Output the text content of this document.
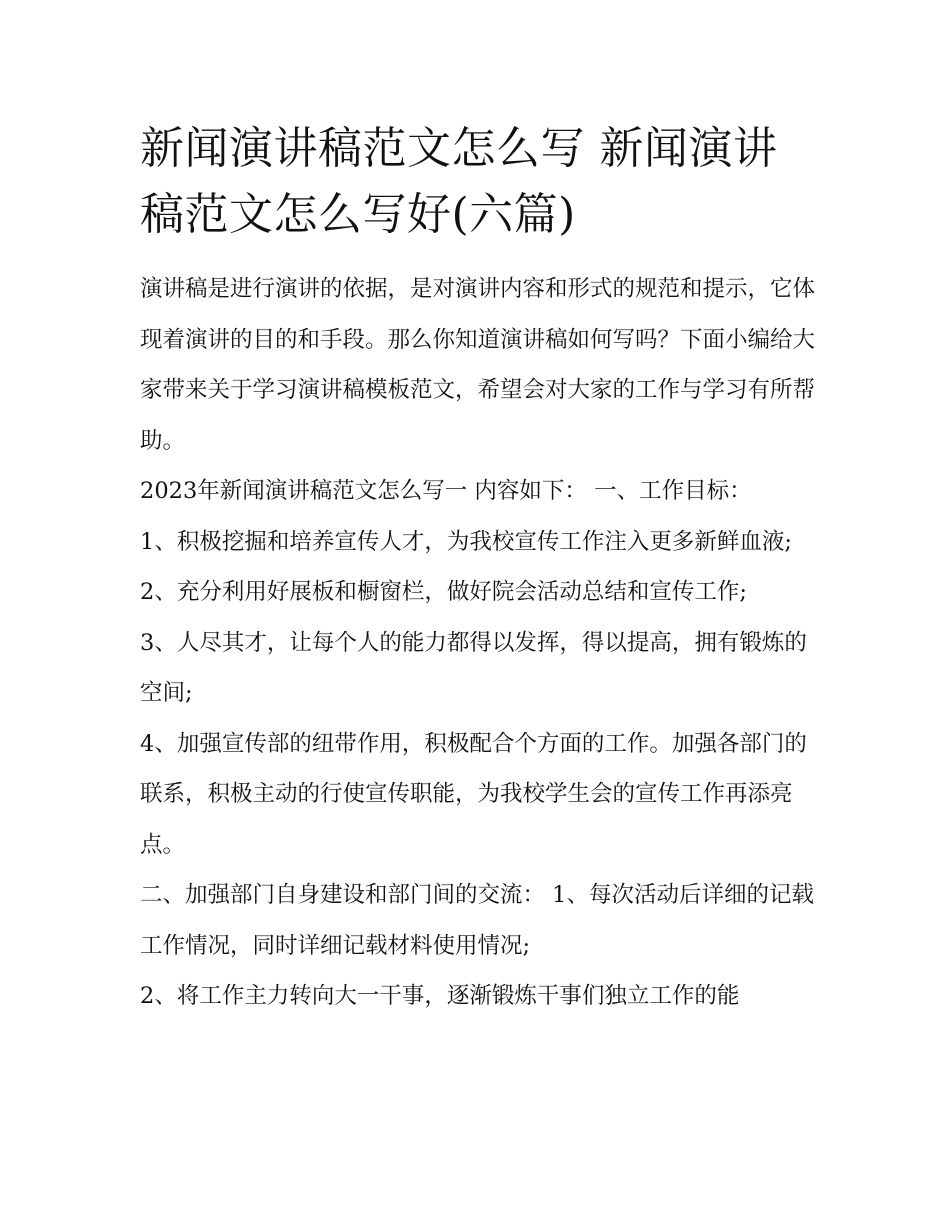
新闻演讲稿范文怎么写 新闻演讲稿范文怎么写好(六篇)

演讲稿是进行演讲的依据，是对演讲内容和形式的规范和提示，它体现着演讲的目的和手段。那么你知道演讲稿如何写吗？下面小编给大家带来关于学习演讲稿模板范文，希望会对大家的工作与学习有所帮助。

2023年新闻演讲稿范文怎么写一 内容如下： 一、工作目标：

1、积极挖掘和培养宣传人才，为我校宣传工作注入更多新鲜血液;

2、充分利用好展板和橱窗栏，做好院会活动总结和宣传工作;

3、人尽其才，让每个人的能力都得以发挥，得以提高，拥有锻炼的空间;

4、加强宣传部的纽带作用，积极配合个方面的工作。加强各部门的联系，积极主动的行使宣传职能，为我校学生会的宣传工作再添亮点。

二、加强部门自身建设和部门间的交流： 1、每次活动后详细的记载工作情况，同时详细记载材料使用情况;

2、将工作主力转向大一干事，逐渐锻炼干事们独立工作的能
